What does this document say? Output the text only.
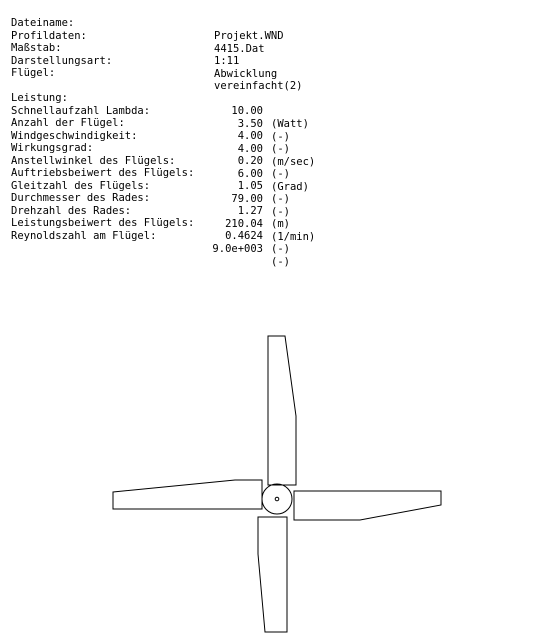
Dateiname:

Projekt.WND

Profildaten:

4415.Dat

Maßstab:

1:11

Darstellungsart:

Abwicklung

Flügel:

vereinfacht(2)

Leistung:

10.00

(Watt)

Schnellaufzahl Lambda:

3.50

(-)

Anzahl der Flügel:

4.00

(-)

Windgeschwindigkeit:

4.00

(m/sec)

Wirkungsgrad:

0.20

(-)

Anstellwinkel des Flügels:

6.00

(Grad)

Auftriebsbeiwert des Flügels:

1.05

(-)

Gleitzahl des Flügels:

79.00

(-)

Durchmesser des Rades:

1.27

(m)

Drehzahl des Rades:

210.04

(1/min)

Leistungsbeiwert des Flügels:

0.4624

(-)

Reynoldszahl am Flügel:

9.0e+003

(-)
